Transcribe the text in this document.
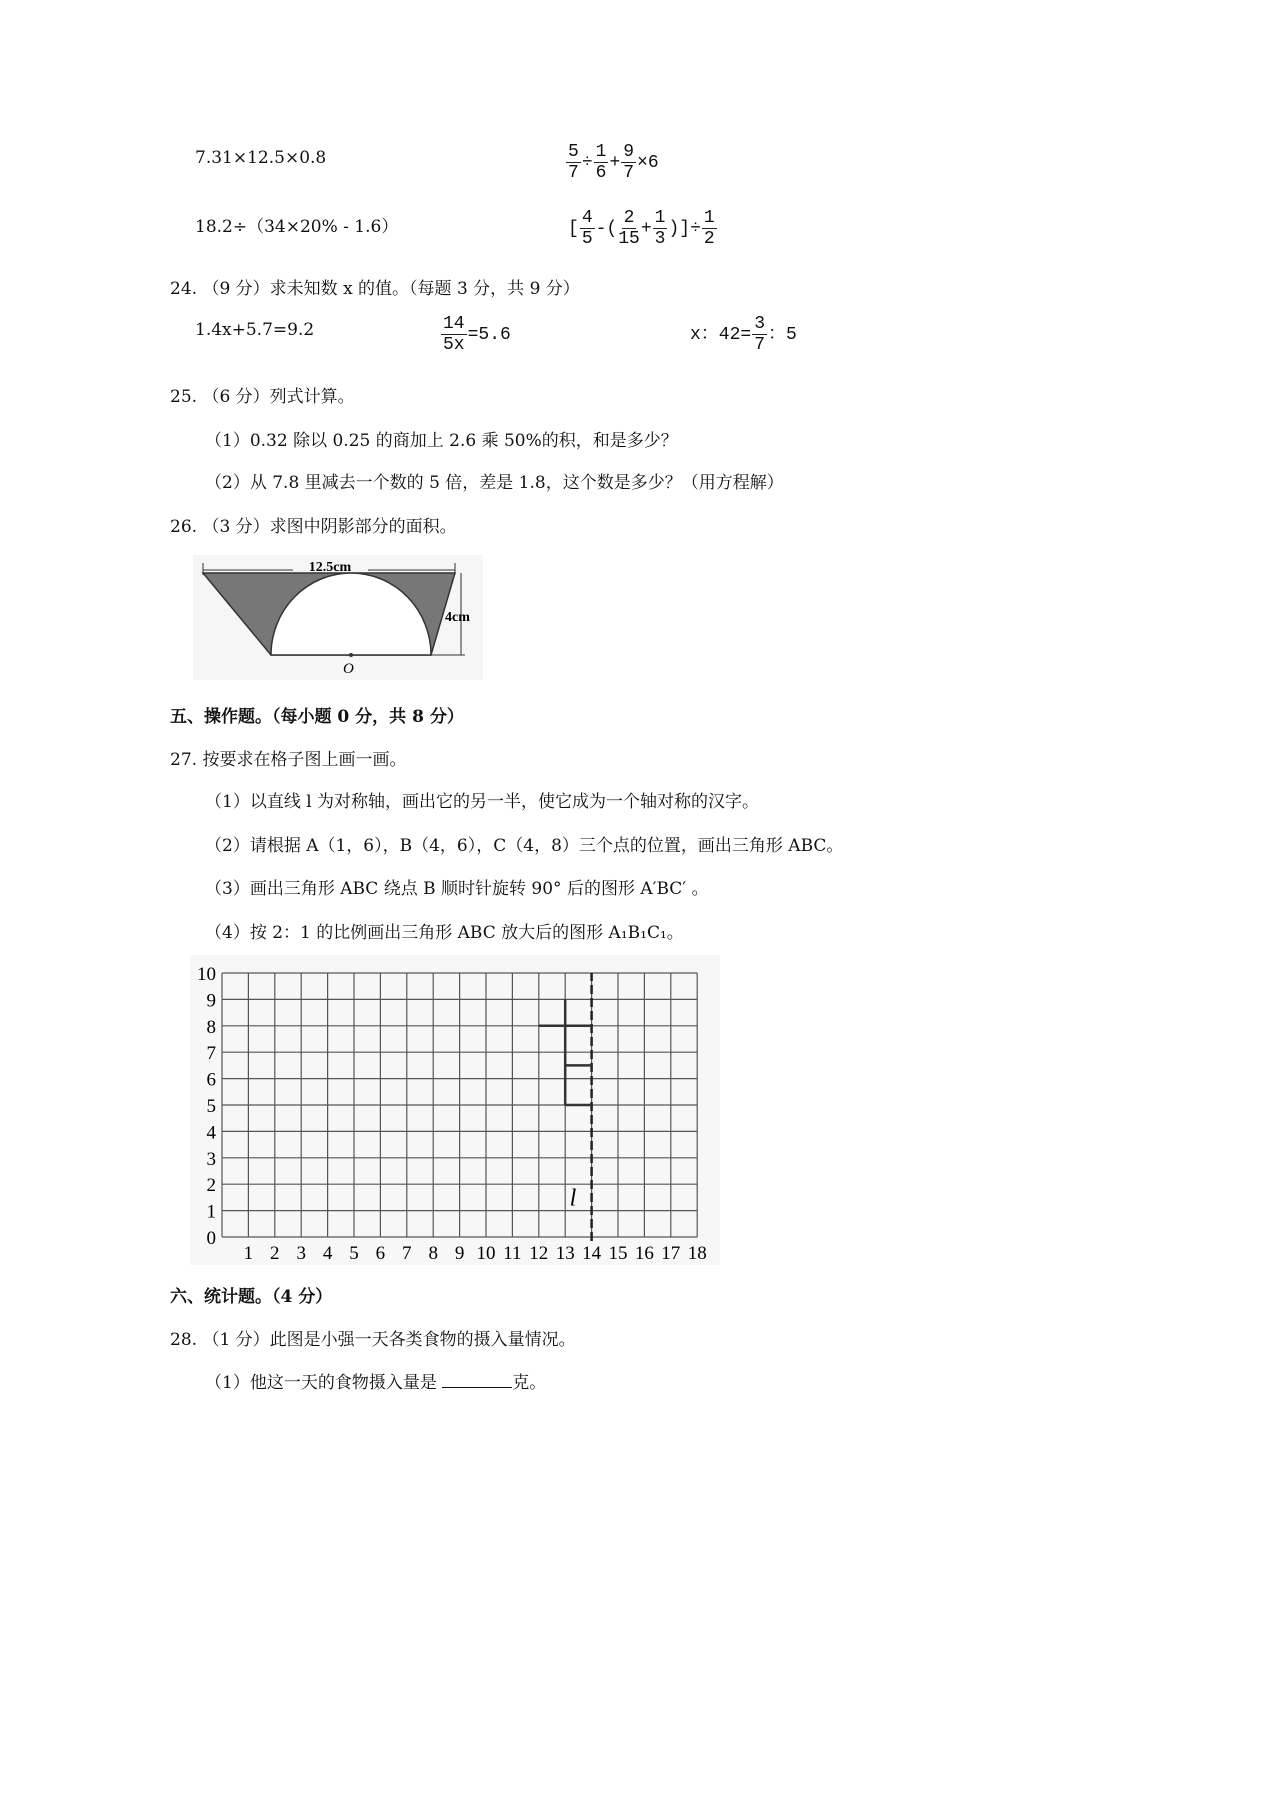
7.31×12.5×0.8	$\frac{5}{7} \div \frac{1}{6} + \frac{9}{7} \times 6$
18.2÷（34×20% - 1.6）	[ $\frac{4}{5}$ -( $\frac{2}{15} + \frac{1}{3}$ )]÷ $\frac{1}{2}$
24. （9 分）求未知数 x 的值。（每题 3 分，共 9 分）
1.4x+5.7=9.2	$\frac{14}{5x} =5.6$	x：$42= \frac{3}{7}$ ：5
25. （6 分）列式计算。
（1）0.32 除以 0.25 的商加上 2.6 乘 50%的积，和是多少？
（2）从 7.8 里减去一个数的 5 倍，差是 1.8，这个数是多少？（用方程解）
26. （3 分）求图中阴影部分的面积。
12.5cm
4cm
O
五、操作题。（每小题 0 分，共 8 分）
27. 按要求在格子图上画一画。
（1）以直线 l 为对称轴，画出它的另一半，使它成为一个轴对称的汉字。
（2）请根据 A（1，6），B（4，6），C（4，8）三个点的位置，画出三角形 ABC。
（3）画出三角形 ABC 绕点 B 顺时针旋转 90° 后的图形 A′BC′ 。
（4）按 2：1 的比例画出三角形 ABC 放大后的图形 A₁B₁C₁。
1 2 3 4 5 6 7 8 9 10 11 12 13 14 15 16 17 18
0
1
2
3
4
5
6
7
8
9
10
l
六、统计题。（4 分）
28. （1 分）此图是小强一天各类食物的摄入量情况。
（1）他这一天的食物摄入量是	克。
